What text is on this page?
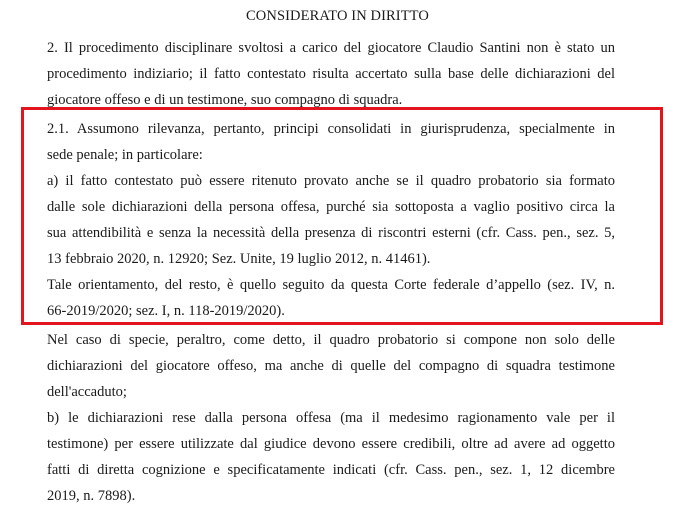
CONSIDERATO IN DIRITTO
2. Il procedimento disciplinare svoltosi a carico del giocatore Claudio Santini non è stato un
procedimento indiziario; il fatto contestato risulta accertato sulla base delle dichiarazioni del
giocatore offeso e di un testimone, suo compagno di squadra.
2.1. Assumono rilevanza, pertanto, principi consolidati in giurisprudenza, specialmente in
sede penale; in particolare:
a) il fatto contestato può essere ritenuto provato anche se il quadro probatorio sia formato
dalle sole dichiarazioni della persona offesa, purché sia sottoposta a vaglio positivo circa la
sua attendibilità e senza la necessità della presenza di riscontri esterni (cfr. Cass. pen., sez. 5,
13 febbraio 2020, n. 12920; Sez. Unite, 19 luglio 2012, n. 41461).
Tale orientamento, del resto, è quello seguito da questa Corte federale d’appello (sez. IV, n.
66-2019/2020; sez. I, n. 118-2019/2020).
Nel caso di specie, peraltro, come detto, il quadro probatorio si compone non solo delle
dichiarazioni del giocatore offeso, ma anche di quelle del compagno di squadra testimone
dell'accaduto;
b) le dichiarazioni rese dalla persona offesa (ma il medesimo ragionamento vale per il
testimone) per essere utilizzate dal giudice devono essere credibili, oltre ad avere ad oggetto
fatti di diretta cognizione e specificatamente indicati (cfr. Cass. pen., sez. 1, 12 dicembre
2019, n. 7898).
